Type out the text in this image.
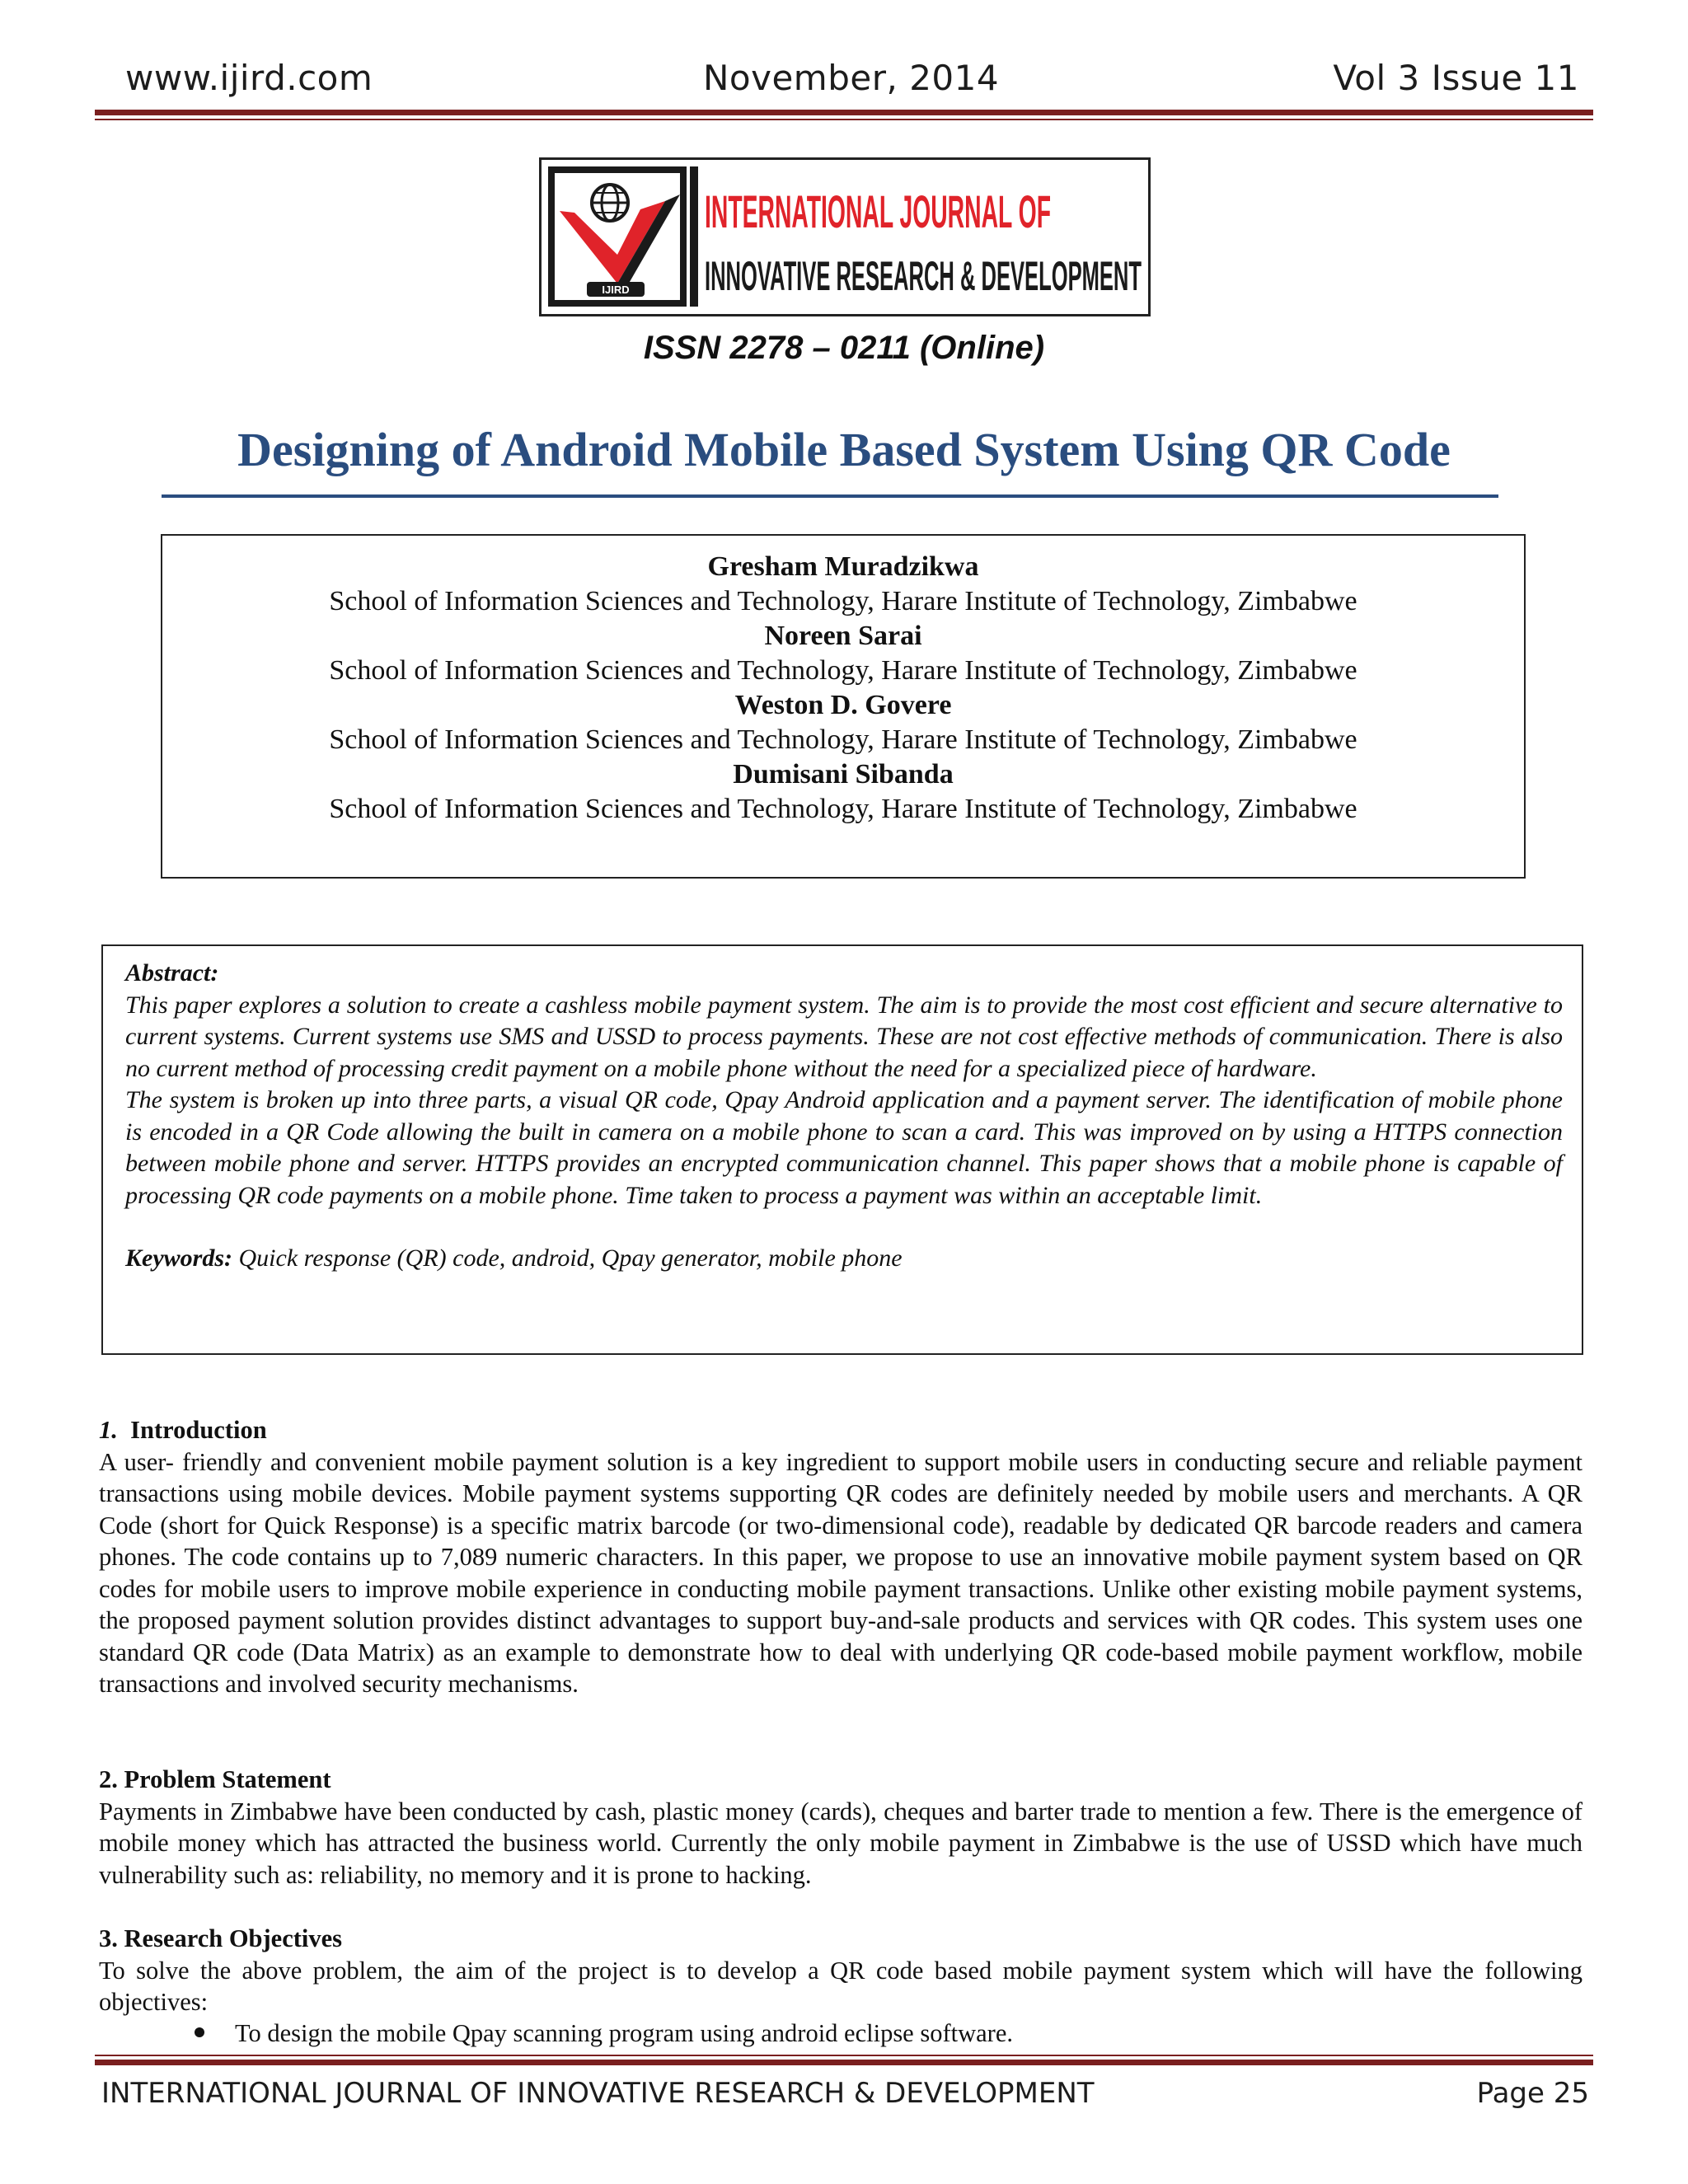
www.ijird.com	November, 2014	Vol 3 Issue 11
IJIRD
INTERNATIONAL JOURNAL OF
INNOVATIVE RESEARCH & DEVELOPMENT
ISSN 2278 – 0211 (Online)
Designing of Android Mobile Based System Using QR Code
Gresham Muradzikwa
School of Information Sciences and Technology, Harare Institute of Technology, Zimbabwe
Noreen Sarai
School of Information Sciences and Technology, Harare Institute of Technology, Zimbabwe
Weston D. Govere
School of Information Sciences and Technology, Harare Institute of Technology, Zimbabwe
Dumisani Sibanda
School of Information Sciences and Technology, Harare Institute of Technology, Zimbabwe

Abstract:

This paper explores a solution to create a cashless mobile payment system. The aim is to provide the most cost efficient and secure alternative to current systems. Current systems use SMS and USSD to process payments. These are not cost effective methods of communication. There is also no current method of processing credit payment on a mobile phone without the need for a specialized piece of hardware.

The system is broken up into three parts, a visual QR code, Qpay Android application and a payment server. The identification of mobile phone is encoded in a QR Code allowing the built in camera on a mobile phone to scan a card. This was improved on by using a HTTPS connection between mobile phone and server. HTTPS provides an encrypted communication channel. This paper shows that a mobile phone is capable of processing QR code payments on a mobile phone. Time taken to process a payment was within an acceptable limit.

Keywords: Quick response (QR) code, android, Qpay generator, mobile phone

1. Introduction

A user- friendly and convenient mobile payment solution is a key ingredient to support mobile users in conducting secure and reliable payment transactions using mobile devices. Mobile payment systems supporting QR codes are definitely needed by mobile users and merchants. A QR Code (short for Quick Response) is a specific matrix barcode (or two-dimensional code), readable by dedicated QR barcode readers and camera phones. The code contains up to 7,089 numeric characters. In this paper, we propose to use an innovative mobile payment system based on QR codes for mobile users to improve mobile experience in conducting mobile payment transactions. Unlike other existing mobile payment systems, the proposed payment solution provides distinct advantages to support buy-and-sale products and services with QR codes. This system uses one standard QR code (Data Matrix) as an example to demonstrate how to deal with underlying QR code-based mobile payment workflow, mobile transactions and involved security mechanisms.

2. Problem Statement

Payments in Zimbabwe have been conducted by cash, plastic money (cards), cheques and barter trade to mention a few. There is the emergence of mobile money which has attracted the business world. Currently the only mobile payment in Zimbabwe is the use of USSD which have much vulnerability such as: reliability, no memory and it is prone to hacking.

3. Research Objectives

To solve the above problem, the aim of the project is to develop a QR code based mobile payment system which will have the following objectives:

To design the mobile Qpay scanning program using android eclipse software.
INTERNATIONAL JOURNAL OF INNOVATIVE RESEARCH & DEVELOPMENT	Page 25
